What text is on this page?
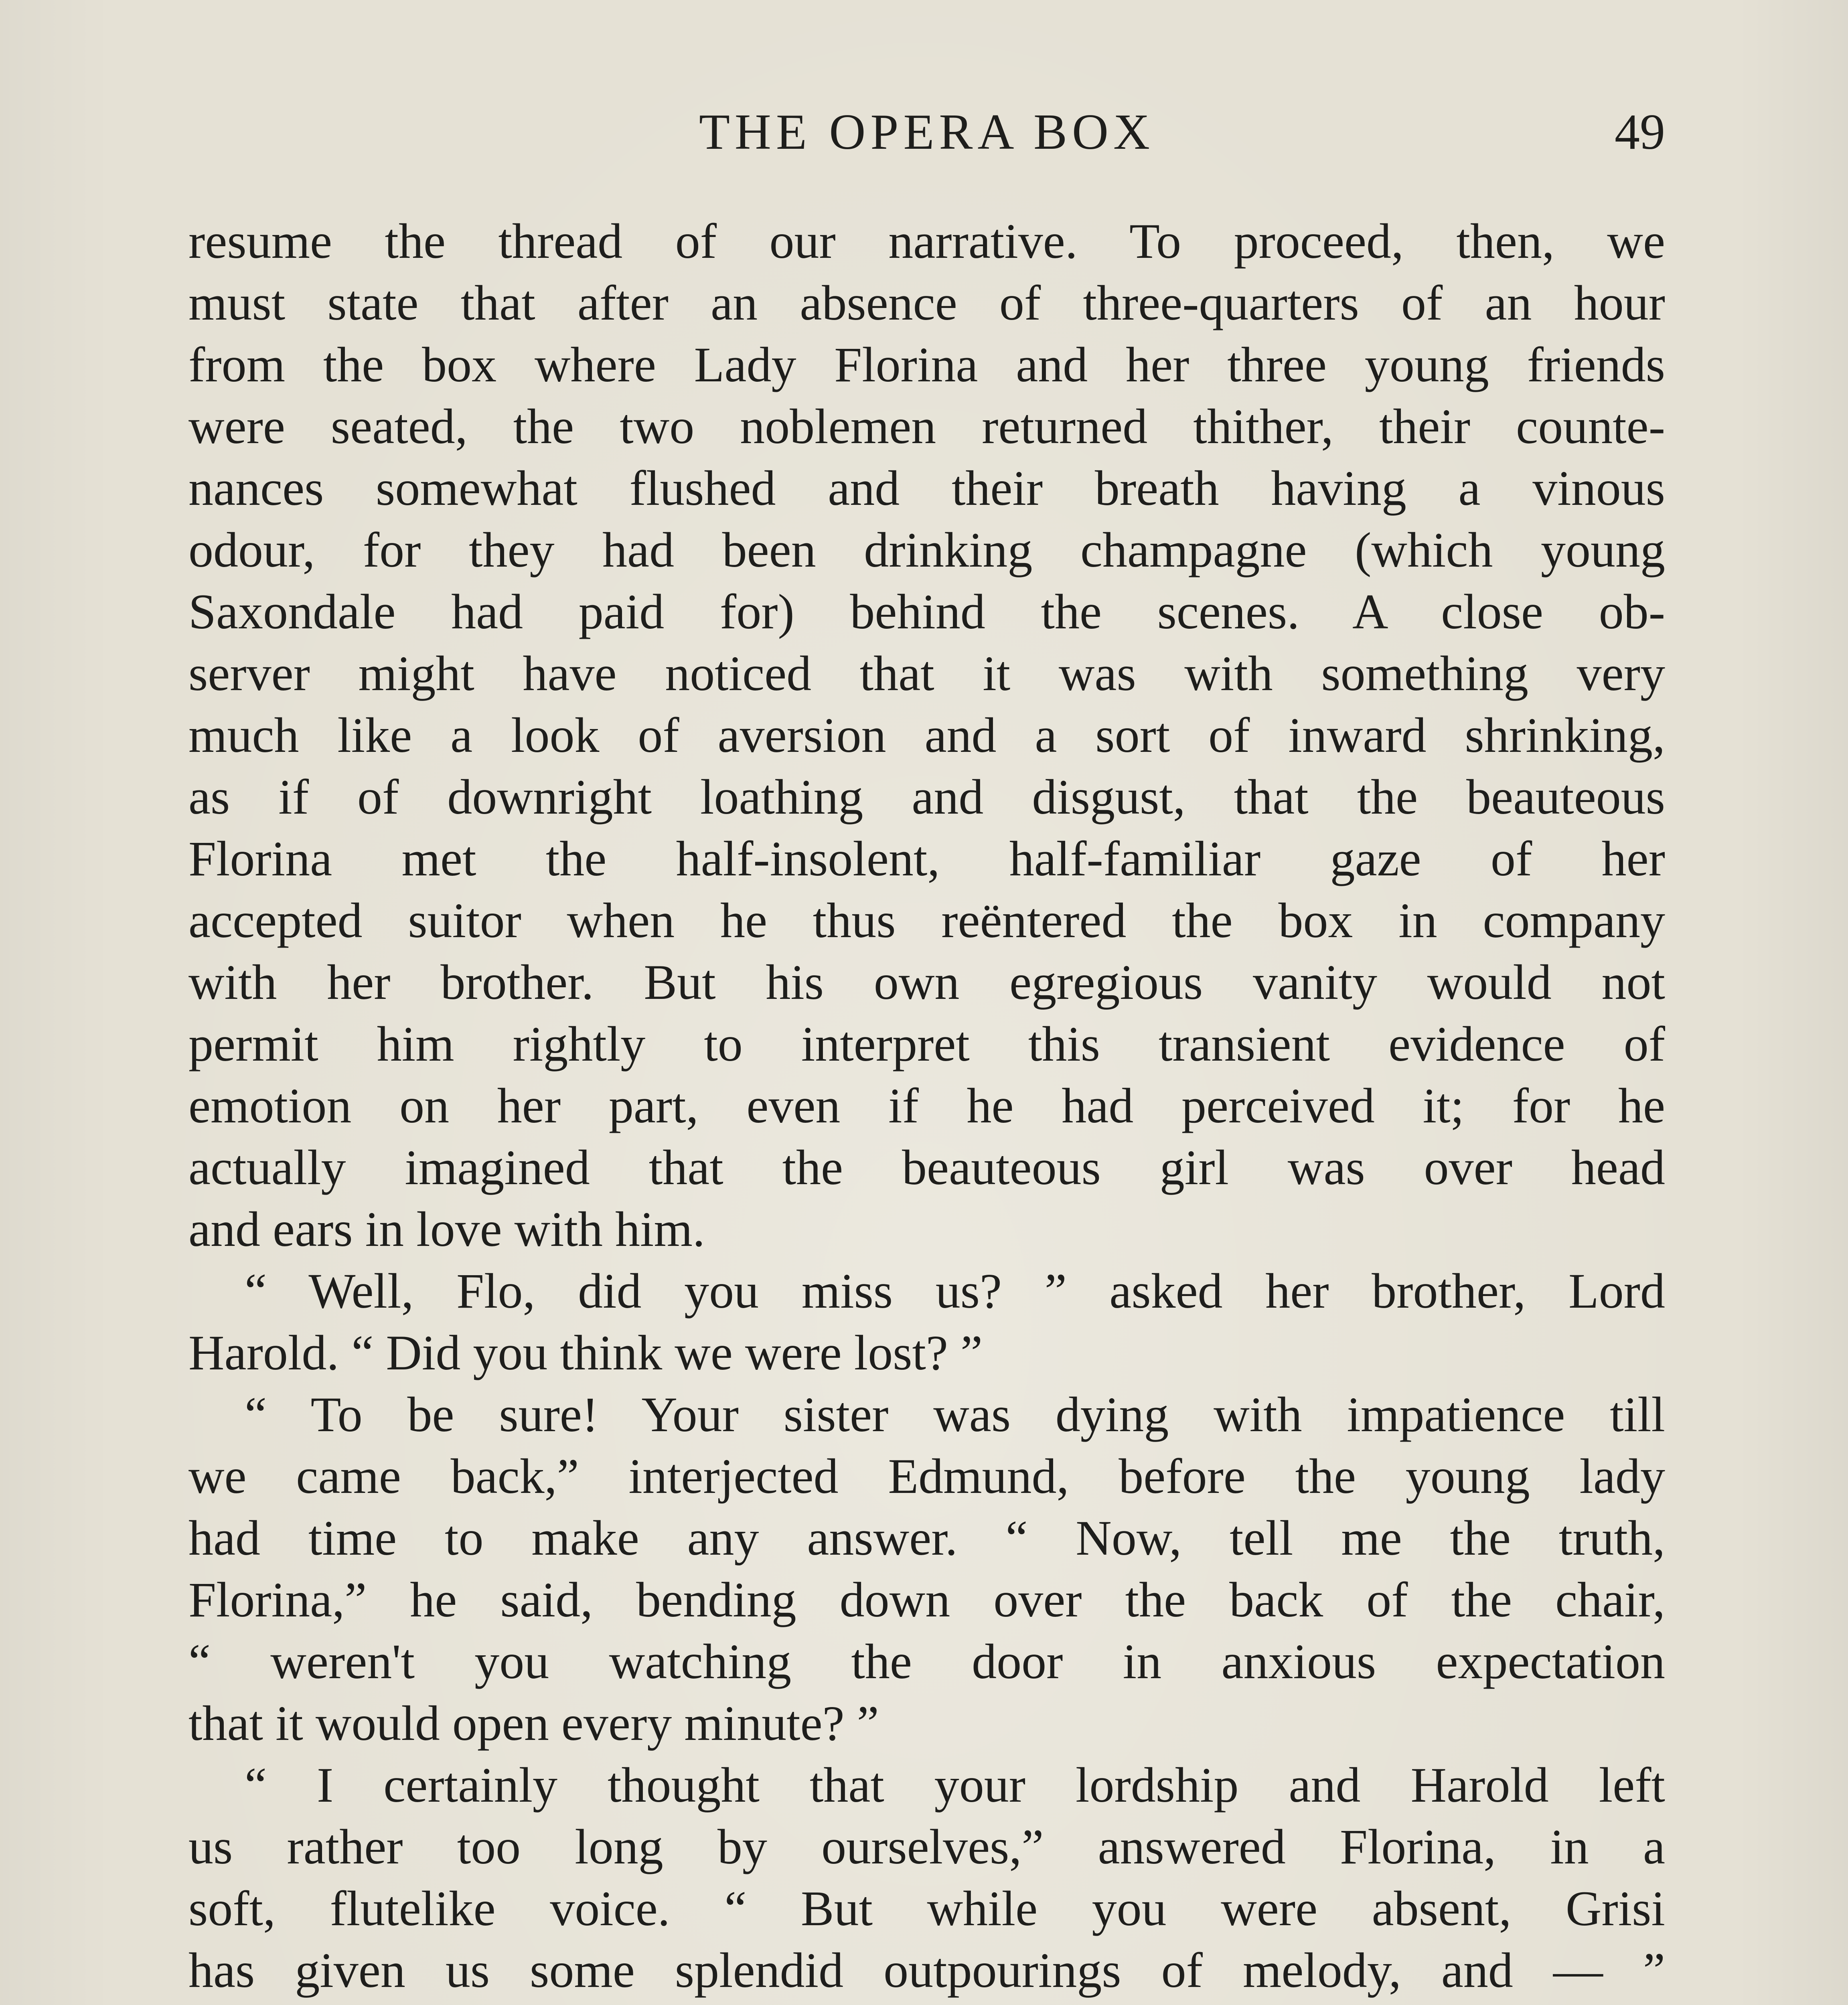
THE OPERA BOX	49
resume the thread of our narrative. To proceed, then, we
must state that after an absence of three-quarters of an hour
from the box where Lady Florina and her three young friends
were seated, the two noblemen returned thither, their counte-
nances somewhat flushed and their breath having a vinous
odour, for they had been drinking champagne (which young
Saxondale had paid for) behind the scenes. A close ob-
server might have noticed that it was with something very
much like a look of aversion and a sort of inward shrinking,
as if of downright loathing and disgust, that the beauteous
Florina met the half-insolent, half-familiar gaze of her
accepted suitor when he thus reëntered the box in company
with her brother. But his own egregious vanity would not
permit him rightly to interpret this transient evidence of
emotion on her part, even if he had perceived it; for he
actually imagined that the beauteous girl was over head
and ears in love with him.
“ Well, Flo, did you miss us? ” asked her brother, Lord
Harold. “ Did you think we were lost? ”
“ To be sure! Your sister was dying with impatience till
we came back,” interjected Edmund, before the young lady
had time to make any answer. “ Now, tell me the truth,
Florina,” he said, bending down over the back of the chair,
“ weren't you watching the door in anxious expectation
that it would open every minute? ”
“ I certainly thought that your lordship and Harold left
us rather too long by ourselves,” answered Florina, in a
soft, flutelike voice. “ But while you were absent, Grisi
has given us some splendid outpourings of melody, and — ”
